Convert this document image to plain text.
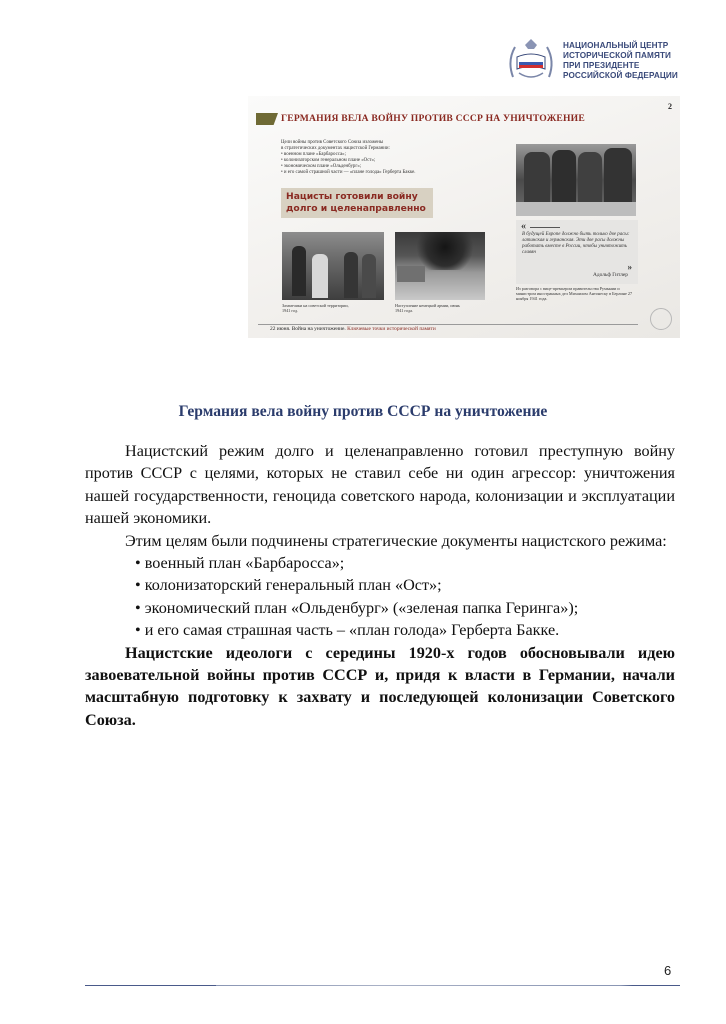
НАЦИОНАЛЬНЫЙ ЦЕНТР
ИСТОРИЧЕСКОЙ ПАМЯТИ
ПРИ ПРЕЗИДЕНТЕ
РОССИЙСКОЙ ФЕДЕРАЦИИ
ГЕРМАНИЯ ВЕЛА ВОЙНУ ПРОТИВ СССР НА УНИЧТОЖЕНИЕ
2
Цели войны против Советского Союза изложены
в стратегических документах нацистской Германии:
• военном плане «Барбаросса»;
• колонизаторском генеральном плане «Ост»;
• экономическом плане «Ольденбург»;
• и его самой страшной части — «плане голода» Герберта Бакке.
Нацисты готовили войну долго и целенаправленно
Захватчики на советской территории, 1941 год.
Наступление немецкой армии, июнь 1941 года.
«
В будущей Европе должно быть только две расы: латинская и германская. Эти две расы должны работать вместе в России, чтобы уничтожить славян
»
Адольф Гитлер
Из разговора с вице-премьером правительства Румынии и министром иностранных дел Михаилом Антонеску в Берлине 27 ноября 1941 года.
22 июня. Война на уничтожение. Ключевые точки исторической памяти
Германия вела войну против СССР на уничтожение

Нацистский режим долго и целенаправленно готовил преступную войну против СССР с целями, которых не ставил себе ни один агрессор: уничтожения нашей государственности, геноцида советского народа, колонизации и эксплуатации нашей экономики.

Этим целям были подчинены стратегические документы нацистского режима:

• военный план «Барбаросса»;
• колонизаторский генеральный план «Ост»;
• экономический план «Ольденбург» («зеленая папка Геринга»);
• и его самая страшная часть – «план голода» Герберта Бакке.

Нацистские идеологи с середины 1920-х годов обосновывали идею завоевательной войны против СССР и, придя к власти в Германии, начали масштабную подготовку к захвату и последующей колонизации Советского Союза.

6
